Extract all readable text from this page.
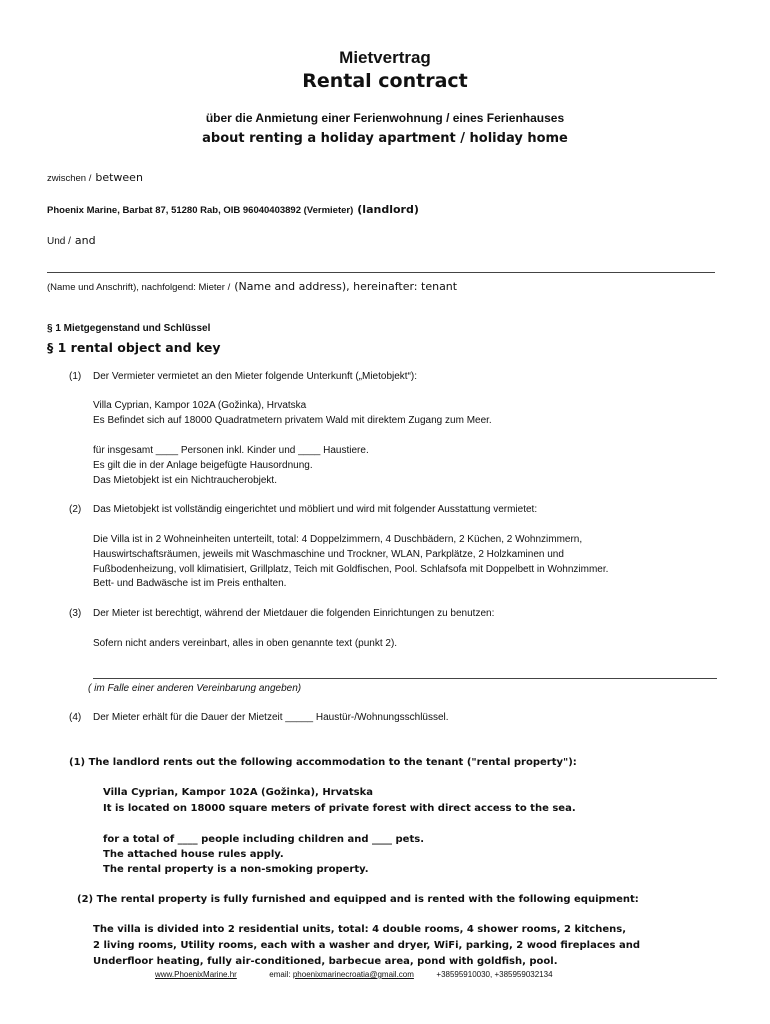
Mietvertrag
Rental contract
über die Anmietung einer Ferienwohnung / eines Ferienhauses
about renting a holiday apartment / holiday home
zwischen / between
Phoenix Marine, Barbat 87, 51280 Rab, OIB 96040403892 (Vermieter) (landlord)
Und / and
(Name und Anschrift), nachfolgend: Mieter / (Name and address), hereinafter: tenant
§ 1 Mietgegenstand und Schlüssel
§ 1 rental object and key
(1) Der Vermieter vermietet an den Mieter folgende Unterkunft („Mietobjekt“):
Villa Cyprian, Kampor 102A (Gožinka), Hrvatska
Es Befindet sich auf 18000 Quadratmetern privatem Wald mit direktem Zugang zum Meer.
für insgesamt ____ Personen inkl. Kinder und ____ Haustiere.
Es gilt die in der Anlage beigefügte Hausordnung.
Das Mietobjekt ist ein Nichtraucherobjekt.
(2) Das Mietobjekt ist vollständig eingerichtet und möbliert und wird mit folgender Ausstattung vermietet:
Die Villa ist in 2 Wohneinheiten unterteilt, total: 4 Doppelzimmern, 4 Duschbädern, 2 Küchen, 2 Wohnzimmern,
Hauswirtschaftsräumen, jeweils mit Waschmaschine und Trockner, WLAN, Parkplätze, 2 Holzkaminen und
Fußbodenheizung, voll klimatisiert, Grillplatz, Teich mit Goldfischen, Pool. Schlafsofa mit Doppelbett in Wohnzimmer.
Bett- und Badwäsche ist im Preis enthalten.
(3) Der Mieter ist berechtigt, während der Mietdauer die folgenden Einrichtungen zu benutzen:
Sofern nicht anders vereinbart, alles in oben genannte text (punkt 2).
( im Falle einer anderen Vereinbarung angeben)
(4) Der Mieter erhält für die Dauer der Mietzeit _____ Haustür-/Wohnungsschlüssel.
(1) The landlord rents out the following accommodation to the tenant ("rental property"):
Villa Cyprian, Kampor 102A (Gožinka), Hrvatska
It is located on 18000 square meters of private forest with direct access to the sea.
for a total of ____ people including children and ____ pets.
The attached house rules apply.
The rental property is a non-smoking property.
(2) The rental property is fully furnished and equipped and is rented with the following equipment:
The villa is divided into 2 residential units, total: 4 double rooms, 4 shower rooms, 2 kitchens,
2 living rooms, Utility rooms, each with a washer and dryer, WiFi, parking, 2 wood fireplaces and
Underfloor heating, fully air-conditioned, barbecue area, pond with goldfish, pool.
www.PhoenixMarine.hr	email: phoenixmarinecroatia@gmail.com	+38595910030, +385959032134
